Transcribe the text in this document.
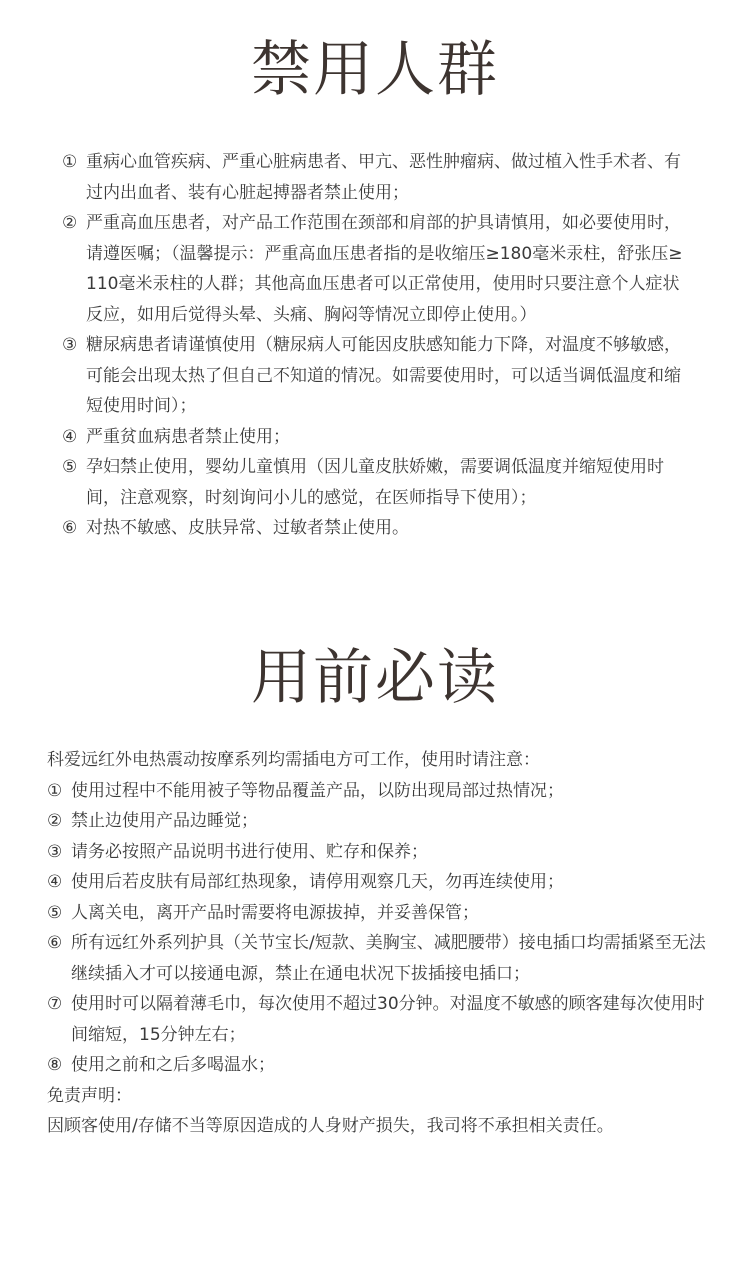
禁用人群
① 重病心血管疾病、严重心脏病患者、甲亢、恶性肿瘤病、做过植入性手术者、有过内出血者、装有心脏起搏器者禁止使用；
② 严重高血压患者，对产品工作范围在颈部和肩部的护具请慎用，如必要使用时，请遵医嘱；（温馨提示：严重高血压患者指的是收缩压≥180毫米汞柱，舒张压≥110毫米汞柱的人群；其他高血压患者可以正常使用，使用时只要注意个人症状反应，如用后觉得头晕、头痛、胸闷等情况立即停止使用。）
③ 糖尿病患者请谨慎使用（糖尿病人可能因皮肤感知能力下降，对温度不够敏感，可能会出现太热了但自己不知道的情况。如需要使用时，可以适当调低温度和缩短使用时间）；
④ 严重贫血病患者禁止使用；
⑤ 孕妇禁止使用，婴幼儿童慎用（因儿童皮肤娇嫩，需要调低温度并缩短使用时间，注意观察，时刻询问小儿的感觉，在医师指导下使用）；
⑥ 对热不敏感、皮肤异常、过敏者禁止使用。
用前必读
科爱远红外电热震动按摩系列均需插电方可工作，使用时请注意：
① 使用过程中不能用被子等物品覆盖产品，以防出现局部过热情况；
② 禁止边使用产品边睡觉；
③ 请务必按照产品说明书进行使用、贮存和保养；
④ 使用后若皮肤有局部红热现象，请停用观察几天，勿再连续使用；
⑤ 人离关电，离开产品时需要将电源拔掉，并妥善保管；
⑥ 所有远红外系列护具（关节宝长/短款、美胸宝、减肥腰带）接电插口均需插紧至无法继续插入才可以接通电源，禁止在通电状况下拔插接电插口；
⑦ 使用时可以隔着薄毛巾，每次使用不超过30分钟。对温度不敏感的顾客建每次使用时间缩短，15分钟左右；
⑧ 使用之前和之后多喝温水；
免责声明：
因顾客使用/存储不当等原因造成的人身财产损失，我司将不承担相关责任。
